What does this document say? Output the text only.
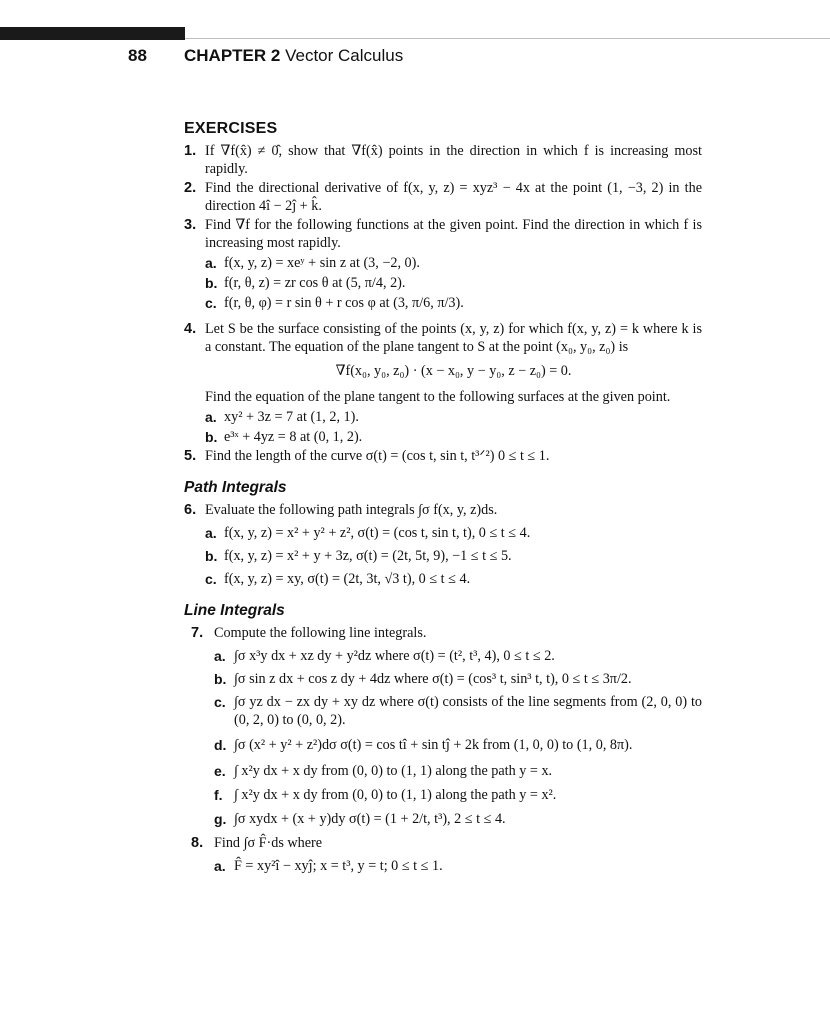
88 CHAPTER 2 Vector Calculus
EXERCISES
1. If ∇f(x̂) ≠ 0̂, show that ∇f(x̂) points in the direction in which f is increasing most rapidly.
2. Find the directional derivative of f(x, y, z) = xyz³ − 4x at the point (1, −3, 2) in the direction 4î − 2ĵ + k̂.
3. Find ∇f for the following functions at the given point. Find the direction in which f is increasing most rapidly.
a. f(x, y, z) = xeʸ + sin z at (3, −2, 0).
b. f(r, θ, z) = zr cos θ at (5, π/4, 2).
c. f(r, θ, φ) = r sin θ + r cos φ at (3, π/6, π/3).
4. Let S be the surface consisting of the points (x, y, z) for which f(x, y, z) = k where k is a constant. The equation of the plane tangent to S at the point (x₀, y₀, z₀) is
∇f(x₀, y₀, z₀) · (x − x₀, y − y₀, z − z₀) = 0.
Find the equation of the plane tangent to the following surfaces at the given point.
a. xy² + 3z = 7 at (1, 2, 1).
b. e³ˣ + 4yz = 8 at (0, 1, 2).
5. Find the length of the curve σ(t) = (cos t, sin t, t³ᐟ²) 0 ≤ t ≤ 1.
Path Integrals
6. Evaluate the following path integrals ∫σ f(x, y, z)ds.
a. f(x, y, z) = x² + y² + z², σ(t) = (cos t, sin t, t), 0 ≤ t ≤ 4.
b. f(x, y, z) = x² + y + 3z, σ(t) = (2t, 5t, 9), −1 ≤ t ≤ 5.
c. f(x, y, z) = xy, σ(t) = (2t, 3t, √3 t), 0 ≤ t ≤ 4.
Line Integrals
7. Compute the following line integrals.
a. ∫σ x³y dx + xz dy + y²dz where σ(t) = (t², t³, 4), 0 ≤ t ≤ 2.
b. ∫σ sin z dx + cos z dy + 4dz where σ(t) = (cos³ t, sin³ t, t), 0 ≤ t ≤ 3π/2.
c. ∫σ yz dx − zx dy + xy dz where σ(t) consists of the line segments from (2, 0, 0) to (0, 2, 0) to (0, 0, 2).
d. ∫σ (x² + y² + z²)dσ σ(t) = cos tî + sin tĵ + 2k from (1, 0, 0) to (1, 0, 8π).
e. ∫ x²y dx + x dy from (0, 0) to (1, 1) along the path y = x.
f. ∫ x²y dx + x dy from (0, 0) to (1, 1) along the path y = x².
g. ∫σ xydx + (x + y)dy σ(t) = (1 + 2/t, t³), 2 ≤ t ≤ 4.
8. Find ∫σ F̂·ds where
a. F̂ = xy²î − xyĵ; x = t³, y = t; 0 ≤ t ≤ 1.
